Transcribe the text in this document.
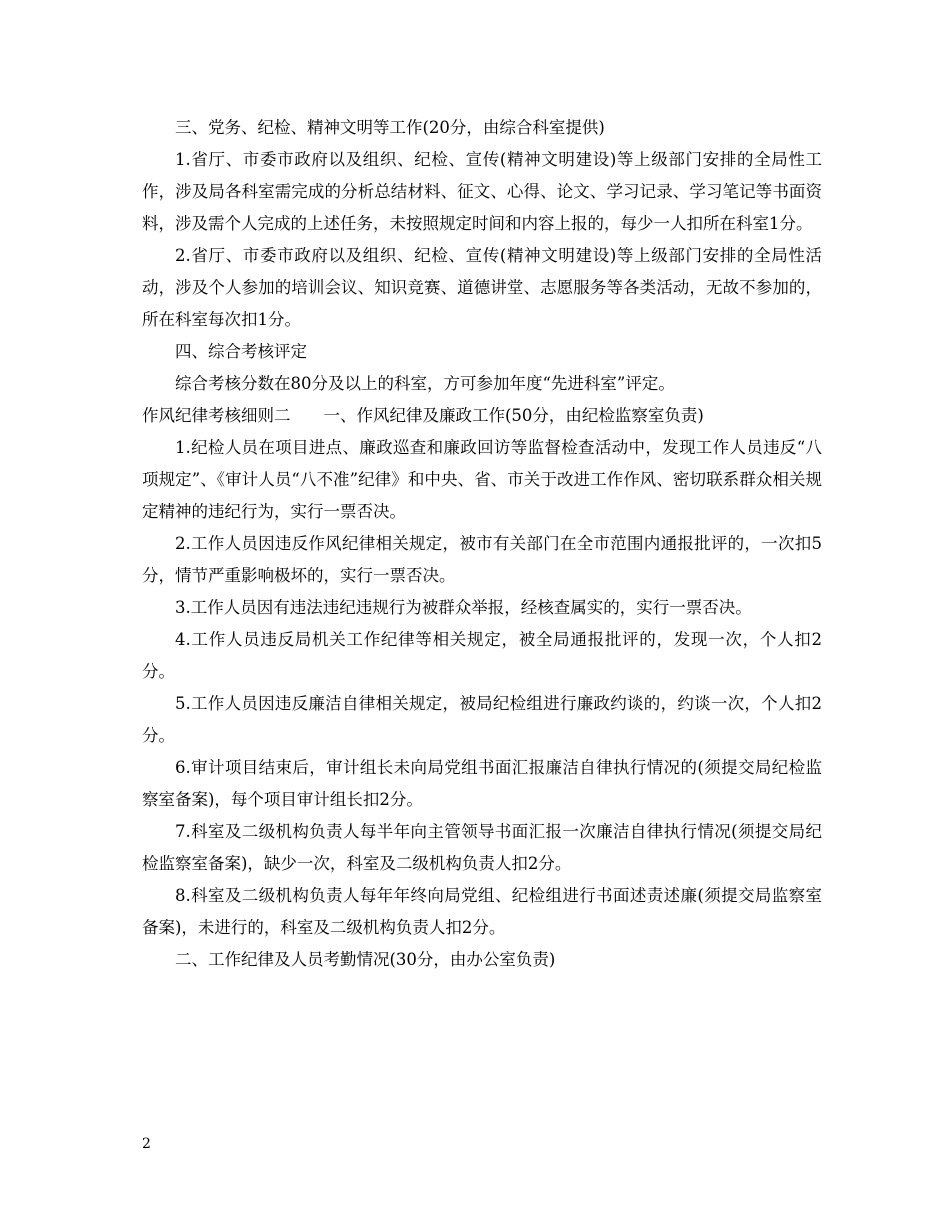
三、党务、纪检、精神文明等工作(20分，由综合科室提供)

1.省厅、市委市政府以及组织、纪检、宣传(精神文明建设)等上级部门安排的全局性工作，涉及局各科室需完成的分析总结材料、征文、心得、论文、学习记录、学习笔记等书面资料，涉及需个人完成的上述任务，未按照规定时间和内容上报的，每少一人扣所在科室1分。

2.省厅、市委市政府以及组织、纪检、宣传(精神文明建设)等上级部门安排的全局性活动，涉及个人参加的培训会议、知识竞赛、道德讲堂、志愿服务等各类活动，无故不参加的，所在科室每次扣1分。

四、综合考核评定

综合考核分数在80分及以上的科室，方可参加年度“先进科室”评定。

作风纪律考核细则二　　一、作风纪律及廉政工作(50分，由纪检监察室负责)

1.纪检人员在项目进点、廉政巡查和廉政回访等监督检查活动中，发现工作人员违反“八项规定”、《审计人员“八不准”纪律》和中央、省、市关于改进工作作风、密切联系群众相关规定精神的违纪行为，实行一票否决。

2.工作人员因违反作风纪律相关规定，被市有关部门在全市范围内通报批评的，一次扣5分，情节严重影响极坏的，实行一票否决。

3.工作人员因有违法违纪违规行为被群众举报，经核查属实的，实行一票否决。

4.工作人员违反局机关工作纪律等相关规定，被全局通报批评的，发现一次，个人扣2分。

5.工作人员因违反廉洁自律相关规定，被局纪检组进行廉政约谈的，约谈一次，个人扣2分。

6.审计项目结束后，审计组长未向局党组书面汇报廉洁自律执行情况的(须提交局纪检监察室备案)，每个项目审计组长扣2分。

7.科室及二级机构负责人每半年向主管领导书面汇报一次廉洁自律执行情况(须提交局纪检监察室备案)，缺少一次，科室及二级机构负责人扣2分。

8.科室及二级机构负责人每年年终向局党组、纪检组进行书面述责述廉(须提交局监察室备案)，未进行的，科室及二级机构负责人扣2分。

二、工作纪律及人员考勤情况(30分，由办公室负责)

2
